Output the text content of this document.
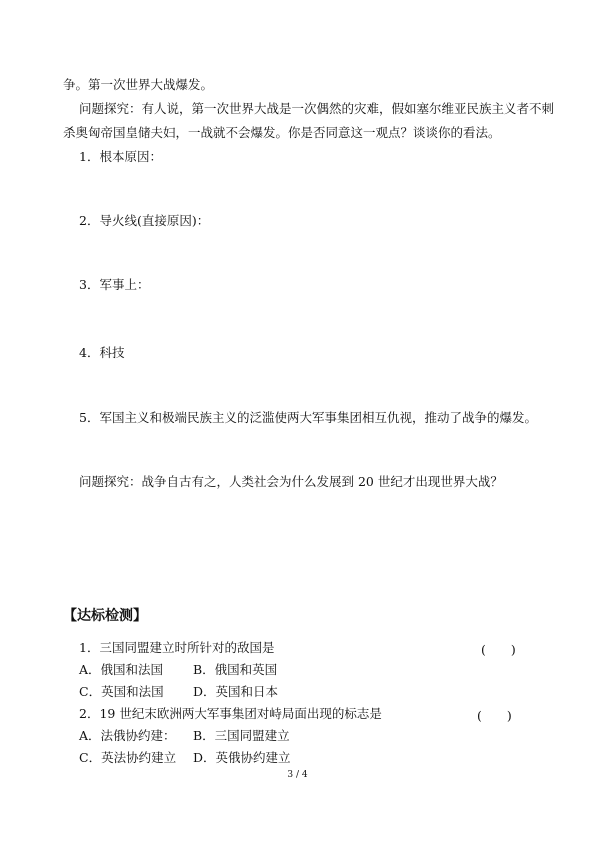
争。第一次世界大战爆发。
问题探究：有人说，第一次世界大战是一次偶然的灾难，假如塞尔维亚民族主义者不刺
杀奥匈帝国皇储夫妇，一战就不会爆发。你是否同意这一观点？谈谈你的看法。
1．根本原因：
2．导火线(直接原因)：
3．军事上：
4．科技
5．军国主义和极端民族主义的泛滥使两大军事集团相互仇视，推动了战争的爆发。
问题探究：战争自古有之，人类社会为什么发展到 20 世纪才出现世界大战？
【达标检测】
1．三国同盟建立时所针对的敌国是	(　　)
A．俄国和法国 B．俄国和英国
C．英国和法国 D．英国和日本
2．19 世纪末欧洲两大军事集团对峙局面出现的标志是	(　　)
A．法俄协约建： B．三国同盟建立
C．英法协约建立 D．英俄协约建立
3 / 4
